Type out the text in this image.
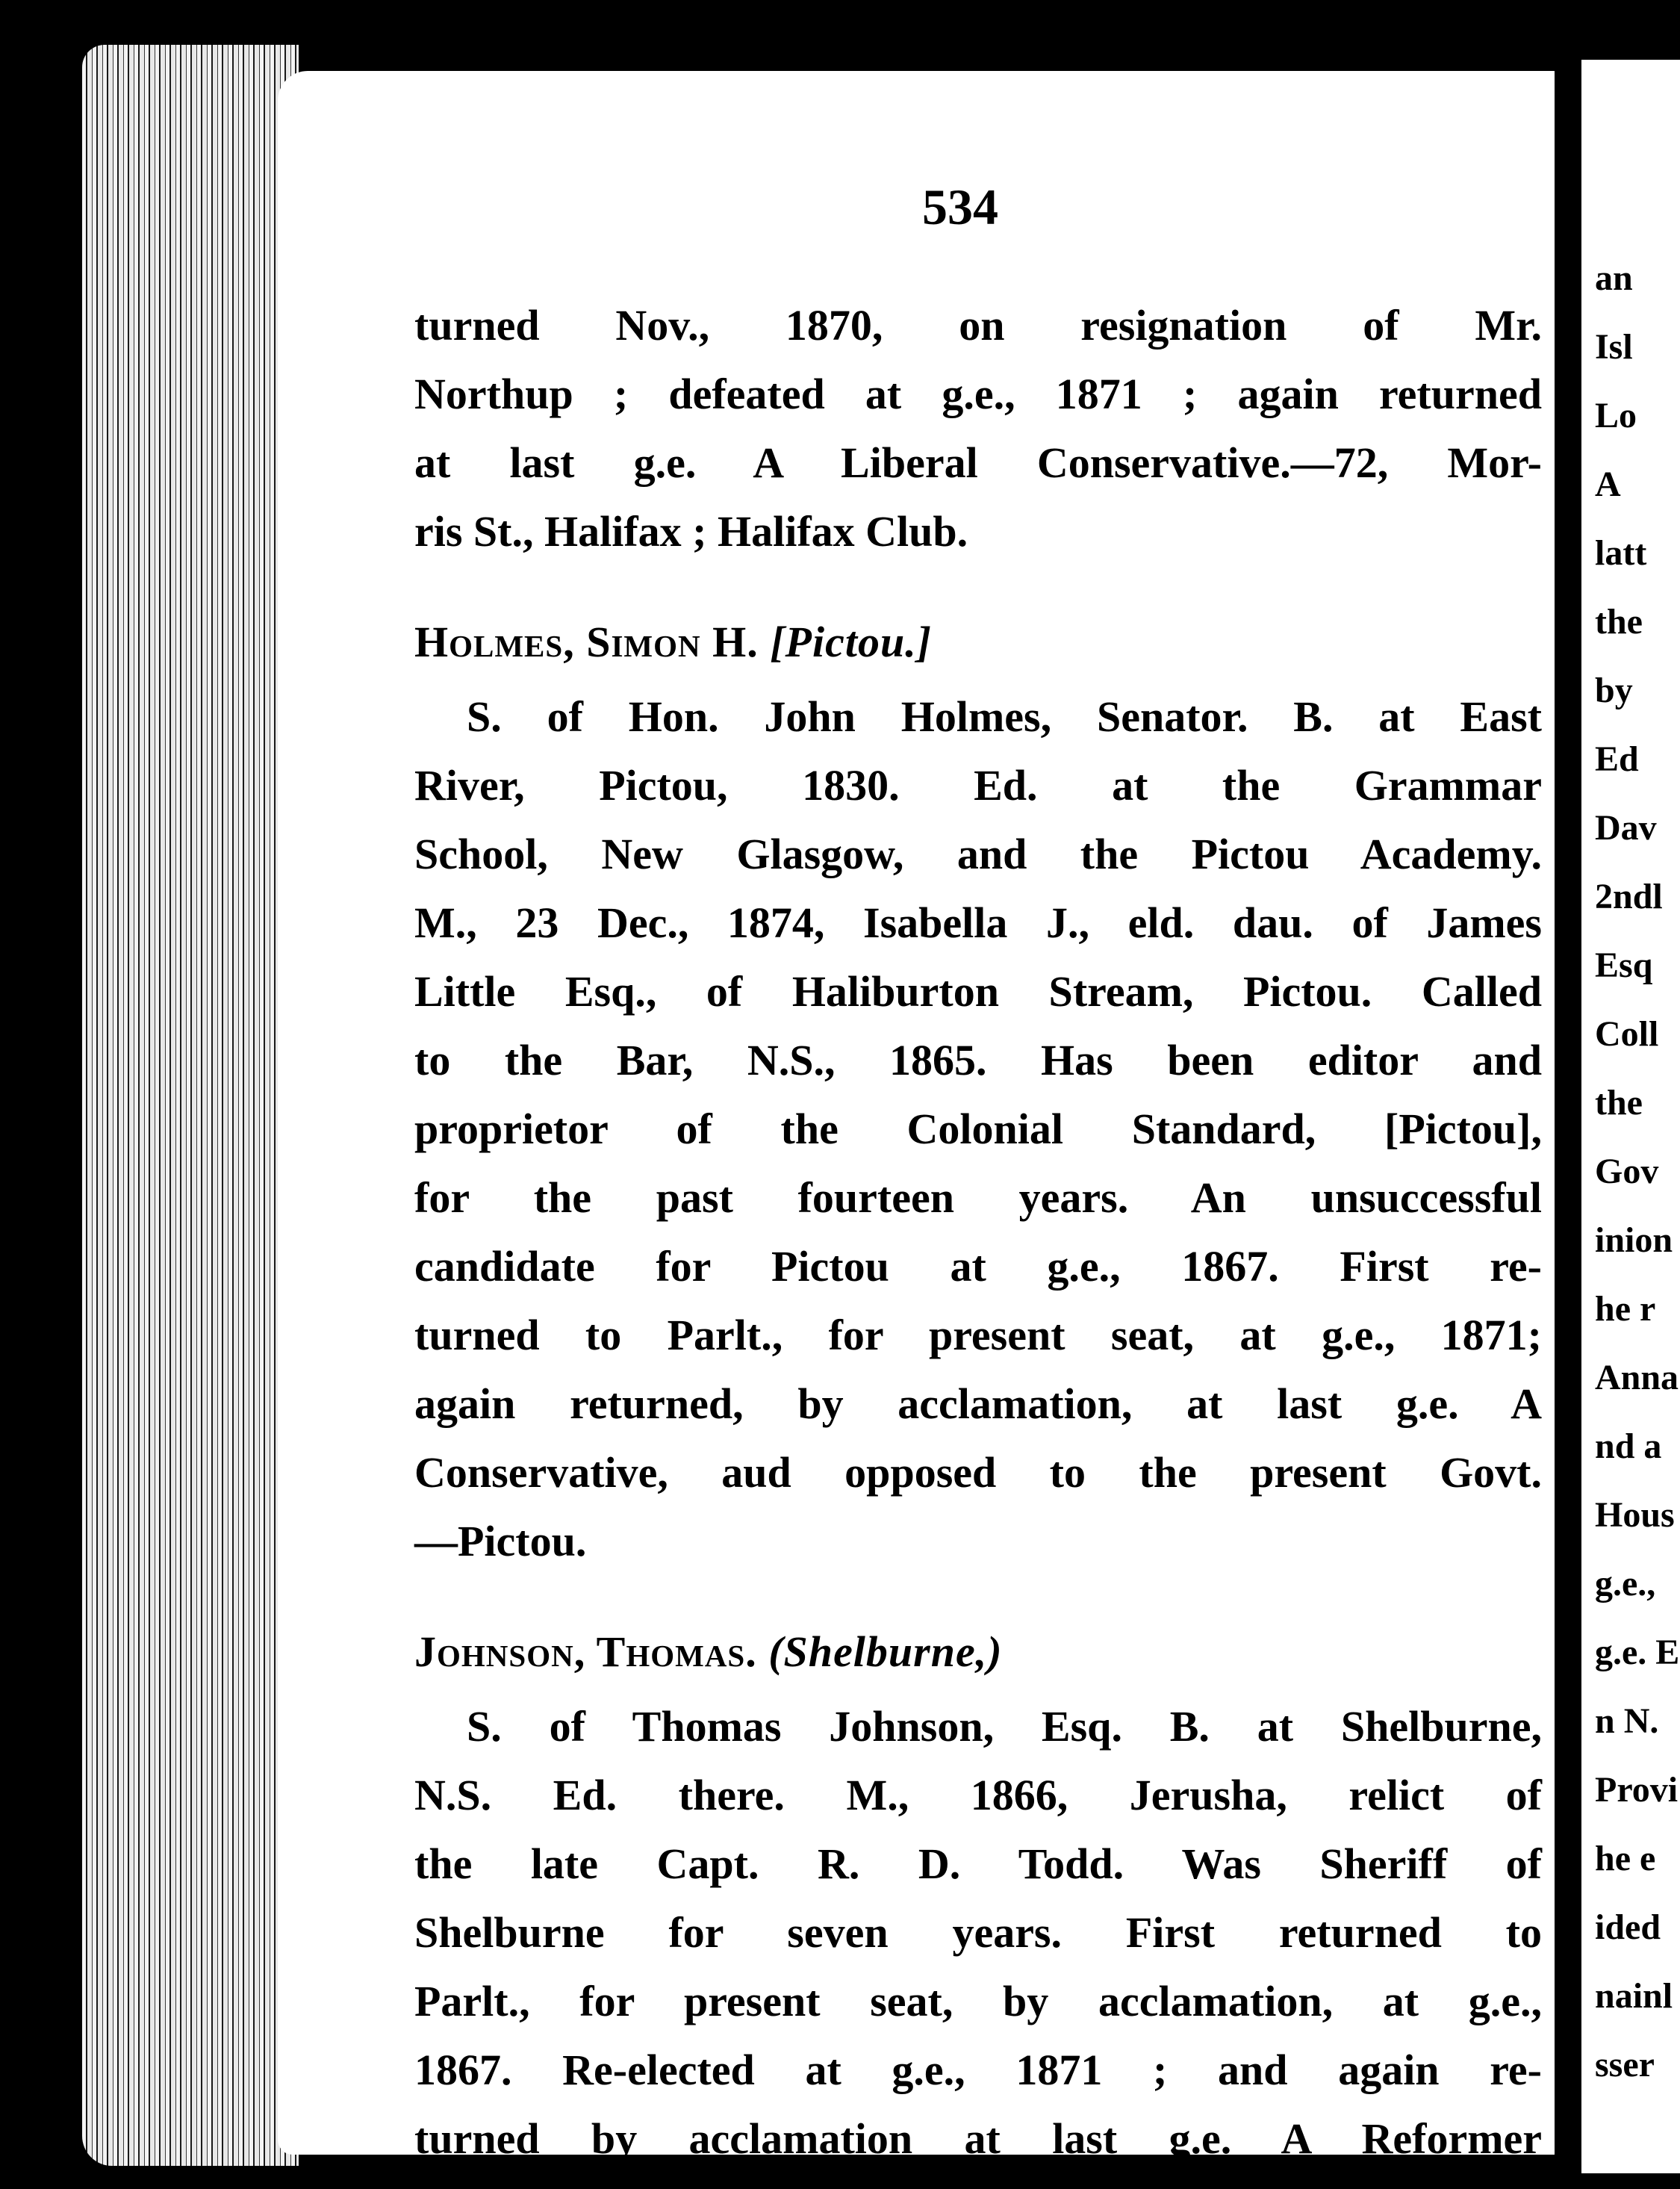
an
Isl
Lo
A
latt
the
by
Ed
Dav
2ndl
Esq
Coll
the
Gov
inion
he r
Anna
nd a
Hous
g.e.,
g.e. E
n N.
Provi
he e
ided
nainl
sser
534

turned Nov., 1870, on resignation of Mr.
Northup ; defeated at g.e., 1871 ; again returned
at last g.e. A Liberal Conservative.—72, Mor-
ris St., Halifax ; Halifax Club.

Holmes, Simon H. [Pictou.]

S. of Hon. John Holmes, Senator. B. at East
River, Pictou, 1830. Ed. at the Grammar
School, New Glasgow, and the Pictou Academy.
M., 23 Dec., 1874, Isabella J., eld. dau. of James
Little Esq., of Haliburton Stream, Pictou. Called
to the Bar, N.S., 1865. Has been editor and
proprietor of the Colonial Standard, [Pictou],
for the past fourteen years. An unsuccessful
candidate for Pictou at g.e., 1867. First re-
turned to Parlt., for present seat, at g.e., 1871;
again returned, by acclamation, at last g.e. A
Conservative, aud opposed to the present Govt.
—Pictou.

Johnson, Thomas. (Shelburne,)

S. of Thomas Johnson, Esq. B. at Shelburne,
N.S. Ed. there. M., 1866, Jerusha, relict of
the late Capt. R. D. Todd. Was Sheriff of
Shelburne for seven years. First returned to
Parlt., for present seat, by acclamation, at g.e.,
1867. Re-elected at g.e., 1871 ; and again re-
turned by acclamation at last g.e. A Reformer
